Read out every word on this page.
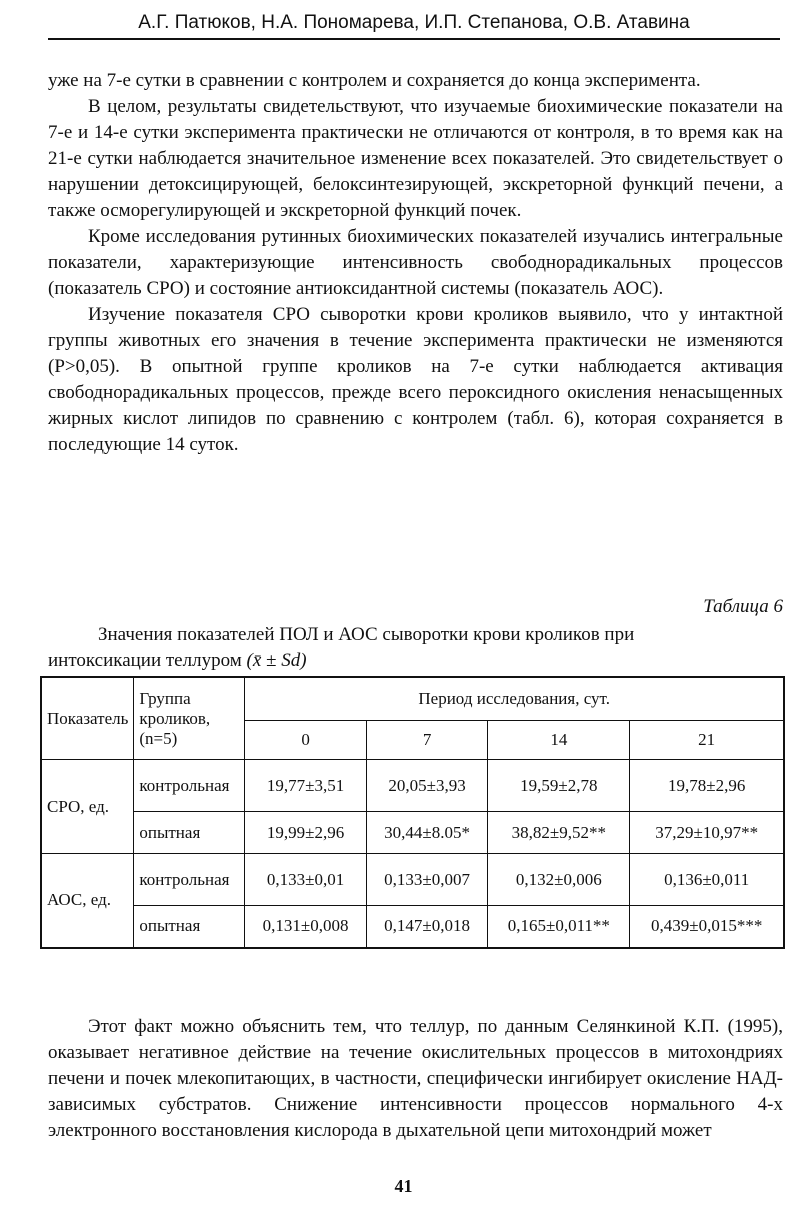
А.Г. Патюков, Н.А. Пономарева, И.П. Степанова, О.В. Атавина

уже на 7-е сутки в сравнении с контролем и сохраняется до конца эксперимента.

В целом, результаты свидетельствуют, что изучаемые биохимические показатели на 7-е и 14-е сутки эксперимента практически не отличаются от контроля, в то время как на 21-е сутки наблюдается значительное изменение всех показателей. Это свидетельствует о нарушении детоксицирующей, белоксинтезирующей, экскреторной функций печени, а также осморегулирующей и экскреторной функций почек.

Кроме исследования рутинных биохимических показателей изучались интегральные показатели, характеризующие интенсивность свободнорадикальных процессов (показатель СРО) и состояние антиоксидантной системы (показатель АОС).

Изучение показателя СРО сыворотки крови кроликов выявило, что у интактной группы животных его значения в течение эксперимента практически не изменяются (P>0,05). В опытной группе кроликов на 7-е сутки наблюдается активация свободнорадикальных процессов, прежде всего пероксидного окисления ненасыщенных жирных кислот липидов по сравнению с контролем (табл. 6), которая сохраняется в последующие 14 суток.

Таблица 6
Значения показателей ПОЛ и АОС сыворотки крови кроликов при
интоксикации теллуром (x̄ ± Sd)
Показатель	Группа кроликов, (n=5)	Период исследования, сут.			
		0	7	14	21
СРО, ед.	контрольная	19,77±3,51	20,05±3,93	19,59±2,78	19,78±2,96
	опытная	19,99±2,96	30,44±8.05*	38,82±9,52**	37,29±10,97**
АОС, ед.	контрольная	0,133±0,01	0,133±0,007	0,132±0,006	0,136±0,011
	опытная	0,131±0,008	0,147±0,018	0,165±0,011**	0,439±0,015***

Этот факт можно объяснить тем, что теллур, по данным Селянкиной К.П. (1995), оказывает негативное действие на течение окислительных процессов в митохондриях печени и почек млекопитающих, в частности, специфически ингибирует окисление НАД-зависимых субстратов. Снижение интенсивности процессов нормального 4-х электронного восстановления кислорода в дыхательной цепи митохондрий может

41
